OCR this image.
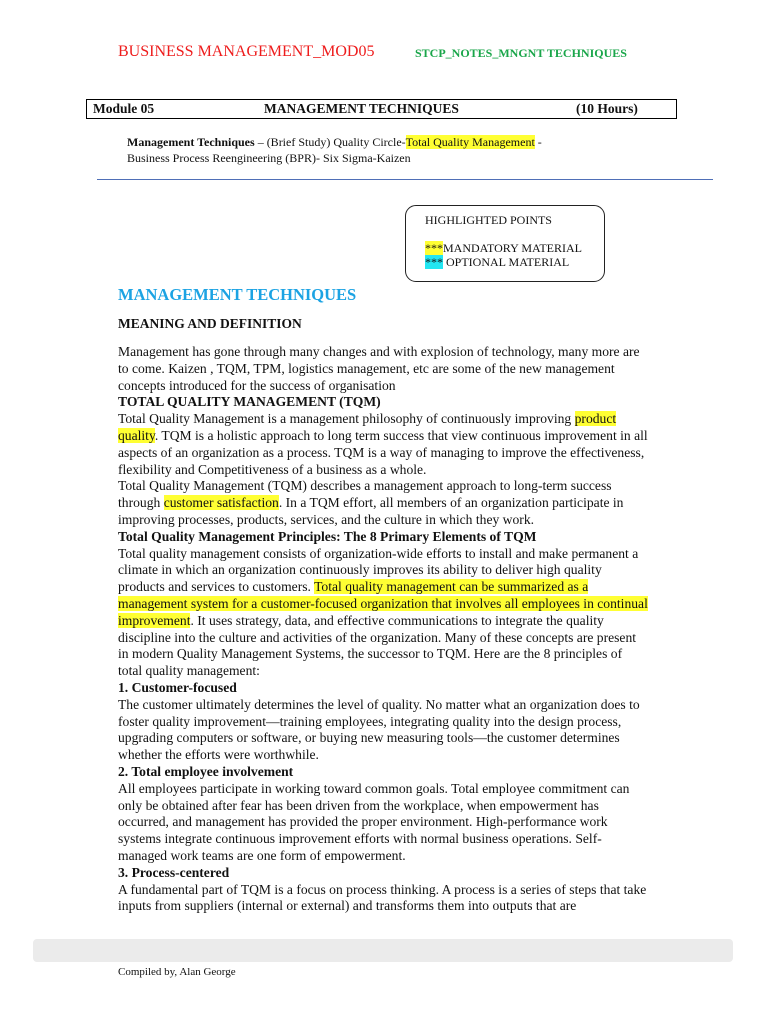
BUSINESS MANAGEMENT_MOD05	STCP_NOTES_MNGNT TECHNIQUES
Module 05	MANAGEMENT TECHNIQUES	(10 Hours)
Management Techniques – (Brief Study) Quality Circle-Total Quality Management -
Business Process Reengineering (BPR)- Six Sigma-Kaizen
HIGHLIGHTED POINTS
***MANDATORY MATERIAL
*** OPTIONAL MATERIAL
MANAGEMENT TECHNIQUES
MEANING AND DEFINITION

Management has gone through many changes and with explosion of technology, many more are to come. Kaizen , TQM, TPM, logistics management, etc are some of the new management concepts introduced for the success of organisation

TOTAL QUALITY MANAGEMENT (TQM)

Total Quality Management is a management philosophy of continuously improving product quality. TQM is a holistic approach to long term success that view continuous improvement in all aspects of an organization as a process. TQM is a way of managing to improve the effectiveness, flexibility and Competitiveness of a business as a whole.

Total Quality Management (TQM) describes a management approach to long-term success through customer satisfaction. In a TQM effort, all members of an organization participate in improving processes, products, services, and the culture in which they work.

Total Quality Management Principles: The 8 Primary Elements of TQM

Total quality management consists of organization-wide efforts to install and make permanent a climate in which an organization continuously improves its ability to deliver high quality products and services to customers. Total quality management can be summarized as a management system for a customer-focused organization that involves all employees in continual improvement. It uses strategy, data, and effective communications to integrate the quality discipline into the culture and activities of the organization. Many of these concepts are present in modern Quality Management Systems, the successor to TQM. Here are the 8 principles of total quality management:

1. Customer-focused

The customer ultimately determines the level of quality. No matter what an organization does to foster quality improvement—training employees, integrating quality into the design process, upgrading computers or software, or buying new measuring tools—the customer determines whether the efforts were worthwhile.

2. Total employee involvement

All employees participate in working toward common goals. Total employee commitment can only be obtained after fear has been driven from the workplace, when empowerment has occurred, and management has provided the proper environment. High-performance work systems integrate continuous improvement efforts with normal business operations. Self-managed work teams are one form of empowerment.

3. Process-centered

A fundamental part of TQM is a focus on process thinking. A process is a series of steps that take inputs from suppliers (internal or external) and transforms them into outputs that are

Compiled by, Alan George
